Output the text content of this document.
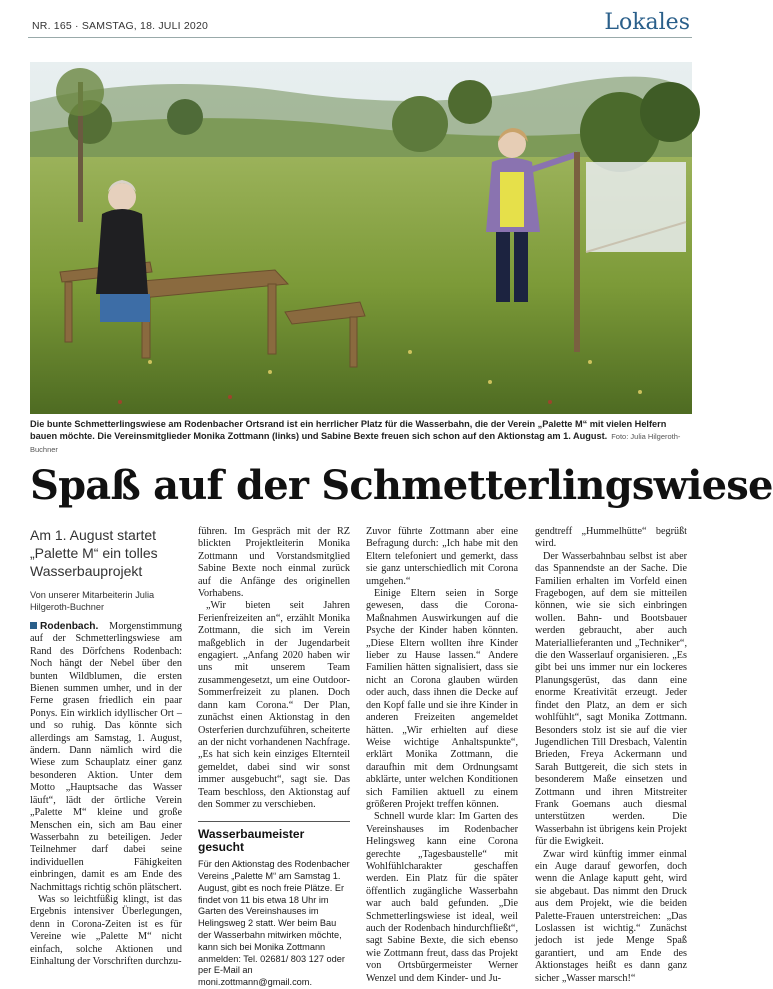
NR. 165 · SAMSTAG, 18. JULI 2020	Lokales
Die bunte Schmetterlingswiese am Rodenbacher Ortsrand ist ein herrlicher Platz für die Wasserbahn, die der Verein „Palette M“ mit vielen Helfern bauen möchte. Die Vereinsmitglieder Monika Zottmann (links) und Sabine Bexte freuen sich schon auf den Aktionstag am 1. August. Foto: Julia Hilgeroth-Buchner
Spaß auf der Schmetterlingswiese
Am 1. August startet „Palette M“ ein tolles Wasserbauprojekt
Von unserer Mitarbeiterin Julia Hilgeroth-Buchner

Rodenbach. Morgenstimmung auf der Schmetterlingswiese am Rand des Dörfchens Rodenbach: Noch hängt der Nebel über den bunten Wildblumen, die ersten Bienen summen umher, und in der Ferne grasen friedlich ein paar Ponys. Ein wirklich idyllischer Ort – und so ruhig. Das könnte sich allerdings am Samstag, 1. August, ändern. Dann nämlich wird die Wiese zum Schauplatz einer ganz besonderen Aktion. Unter dem Motto „Hauptsache das Wasser läuft“, lädt der örtliche Verein „Palette M“ kleine und große Menschen ein, sich am Bau einer Wasserbahn zu beteiligen. Jeder Teilnehmer darf dabei seine individuellen Fähigkeiten einbringen, damit es am Ende des Nachmittags richtig schön plätschert.

Was so leichtfüßig klingt, ist das Ergebnis intensiver Überlegungen, denn in Corona-Zeiten ist es für Vereine wie „Palette M“ nicht einfach, solche Aktionen und Einhaltung der Vorschriften durchzu-

führen. Im Gespräch mit der RZ blickten Projektleiterin Monika Zottmann und Vorstandsmitglied Sabine Bexte noch einmal zurück auf die Anfänge des originellen Vorhabens.

„Wir bieten seit Jahren Ferienfreizeiten an“, erzählt Monika Zottmann, die sich im Verein maßgeblich in der Jugendarbeit engagiert. „Anfang 2020 haben wir uns mit unserem Team zusammengesetzt, um eine Outdoor-Sommerfreizeit zu planen. Doch dann kam Corona.“ Der Plan, zunächst einen Aktionstag in den Osterferien durchzuführen, scheiterte an der nicht vorhandenen Nachfrage. „Es hat sich kein einziges Elternteil gemeldet, dabei sind wir sonst immer ausgebucht“, sagt sie. Das Team beschloss, den Aktionstag auf den Sommer zu verschieben.

Wasserbaumeister gesucht

Für den Aktionstag des Rodenbacher Vereins „Palette M“ am Samstag 1. August, gibt es noch freie Plätze. Er findet von 11 bis etwa 18 Uhr im Garten des Vereinshauses im Helingsweg 2 statt. Wer beim Bau der Wasserbahn mitwirken möchte, kann sich bei Monika Zottmann anmelden: Tel. 02681/ 803 127 oder per E-Mail an moni.zottmann@gmail.com.

Zuvor führte Zottmann aber eine Befragung durch: „Ich habe mit den Eltern telefoniert und gemerkt, dass sie ganz unterschiedlich mit Corona umgehen.“

Einige Eltern seien in Sorge gewesen, dass die Corona-Maßnahmen Auswirkungen auf die Psyche der Kinder haben könnten. „Diese Eltern wollten ihre Kinder lieber zu Hause lassen.“ Andere Familien hätten signalisiert, dass sie nicht an Corona glauben würden oder auch, dass ihnen die Decke auf den Kopf falle und sie ihre Kinder in anderen Freizeiten angemeldet hätten. „Wir erhielten auf diese Weise wichtige Anhaltspunkte“, erklärt Monika Zottmann, die daraufhin mit dem Ordnungsamt abklärte, unter welchen Konditionen sich Familien aktuell zu einem größeren Projekt treffen können.

Schnell wurde klar: Im Garten des Vereinshauses im Rodenbacher Helingsweg kann eine Corona gerechte „Tagesbaustelle“ mit Wohlfühlcharakter geschaffen werden. Ein Platz für die später öffentlich zugängliche Wasserbahn war auch bald gefunden. „Die Schmetterlingswiese ist ideal, weil auch der Rodenbach hindurchfließt“, sagt Sabine Bexte, die sich ebenso wie Zottmann freut, dass das Projekt von Ortsbürgermeister Werner Wenzel und dem Kinder- und Ju-

gendtreff „Hummelhütte“ begrüßt wird.

Der Wasserbahnbau selbst ist aber das Spannendste an der Sache. Die Familien erhalten im Vorfeld einen Fragebogen, auf dem sie mitteilen können, wie sie sich einbringen wollen. Bahn- und Bootsbauer werden gebraucht, aber auch Materiallieferanten und „Techniker“, die den Wasserlauf organisieren. „Es gibt bei uns immer nur ein lockeres Planungsgerüst, das dann eine enorme Kreativität erzeugt. Jeder findet den Platz, an dem er sich wohlfühlt“, sagt Monika Zottmann. Besonders stolz ist sie auf die vier Jugendlichen Till Dresbach, Valentin Brieden, Freya Ackermann und Sarah Buttgereit, die sich stets in besonderem Maße einsetzen und Zottmann und ihren Mitstreiter Frank Goemans auch diesmal unterstützen werden. Die Wasserbahn ist übrigens kein Projekt für die Ewigkeit.

Zwar wird künftig immer einmal ein Auge darauf geworfen, doch wenn die Anlage kaputt geht, wird sie abgebaut. Das nimmt den Druck aus dem Projekt, wie die beiden Palette-Frauen unterstreichen: „Das Loslassen ist wichtig.“ Zunächst jedoch ist jede Menge Spaß garantiert, und am Ende des Aktionstages heißt es dann ganz sicher „Wasser marsch!“
